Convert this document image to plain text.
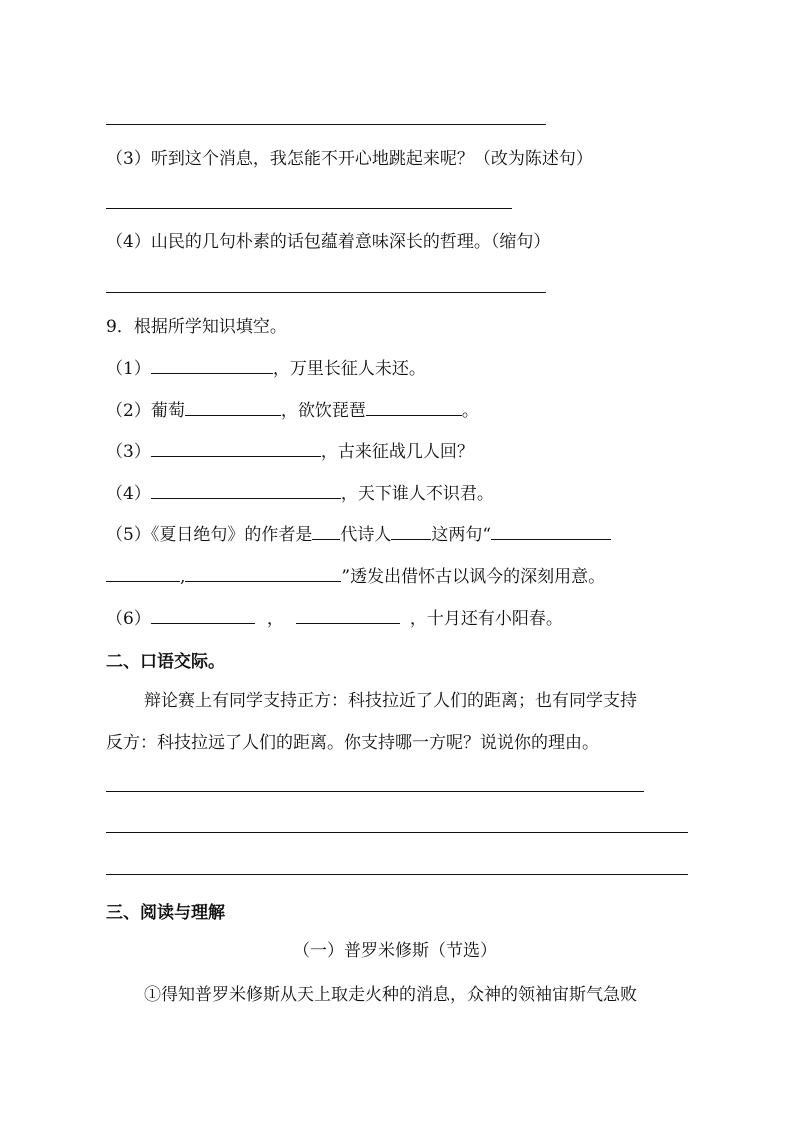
（3）听到这个消息，我怎能不开心地跳起来呢？（改为陈述句）
（4）山民的几句朴素的话包蕴着意味深长的哲理。（缩句）
9．根据所学知识填空。
（1）	，万里长征人未还。
（2）葡萄	，欲饮琵琶	。
（3）	，古来征战几人回？
（4）	，天下谁人不识君。
（5）《夏日绝句》的作者是 代诗人 这两句“
,	”透发出借怀古以讽今的深刻用意。
（6）	，	，十月还有小阳春。
二、口语交际。
辩论赛上有同学支持正方：科技拉近了人们的距离；也有同学支持
反方：科技拉远了人们的距离。你支持哪一方呢？说说你的理由。
三、阅读与理解
（一）普罗米修斯（节选）
①得知普罗米修斯从天上取走火种的消息，众神的领袖宙斯气急败
